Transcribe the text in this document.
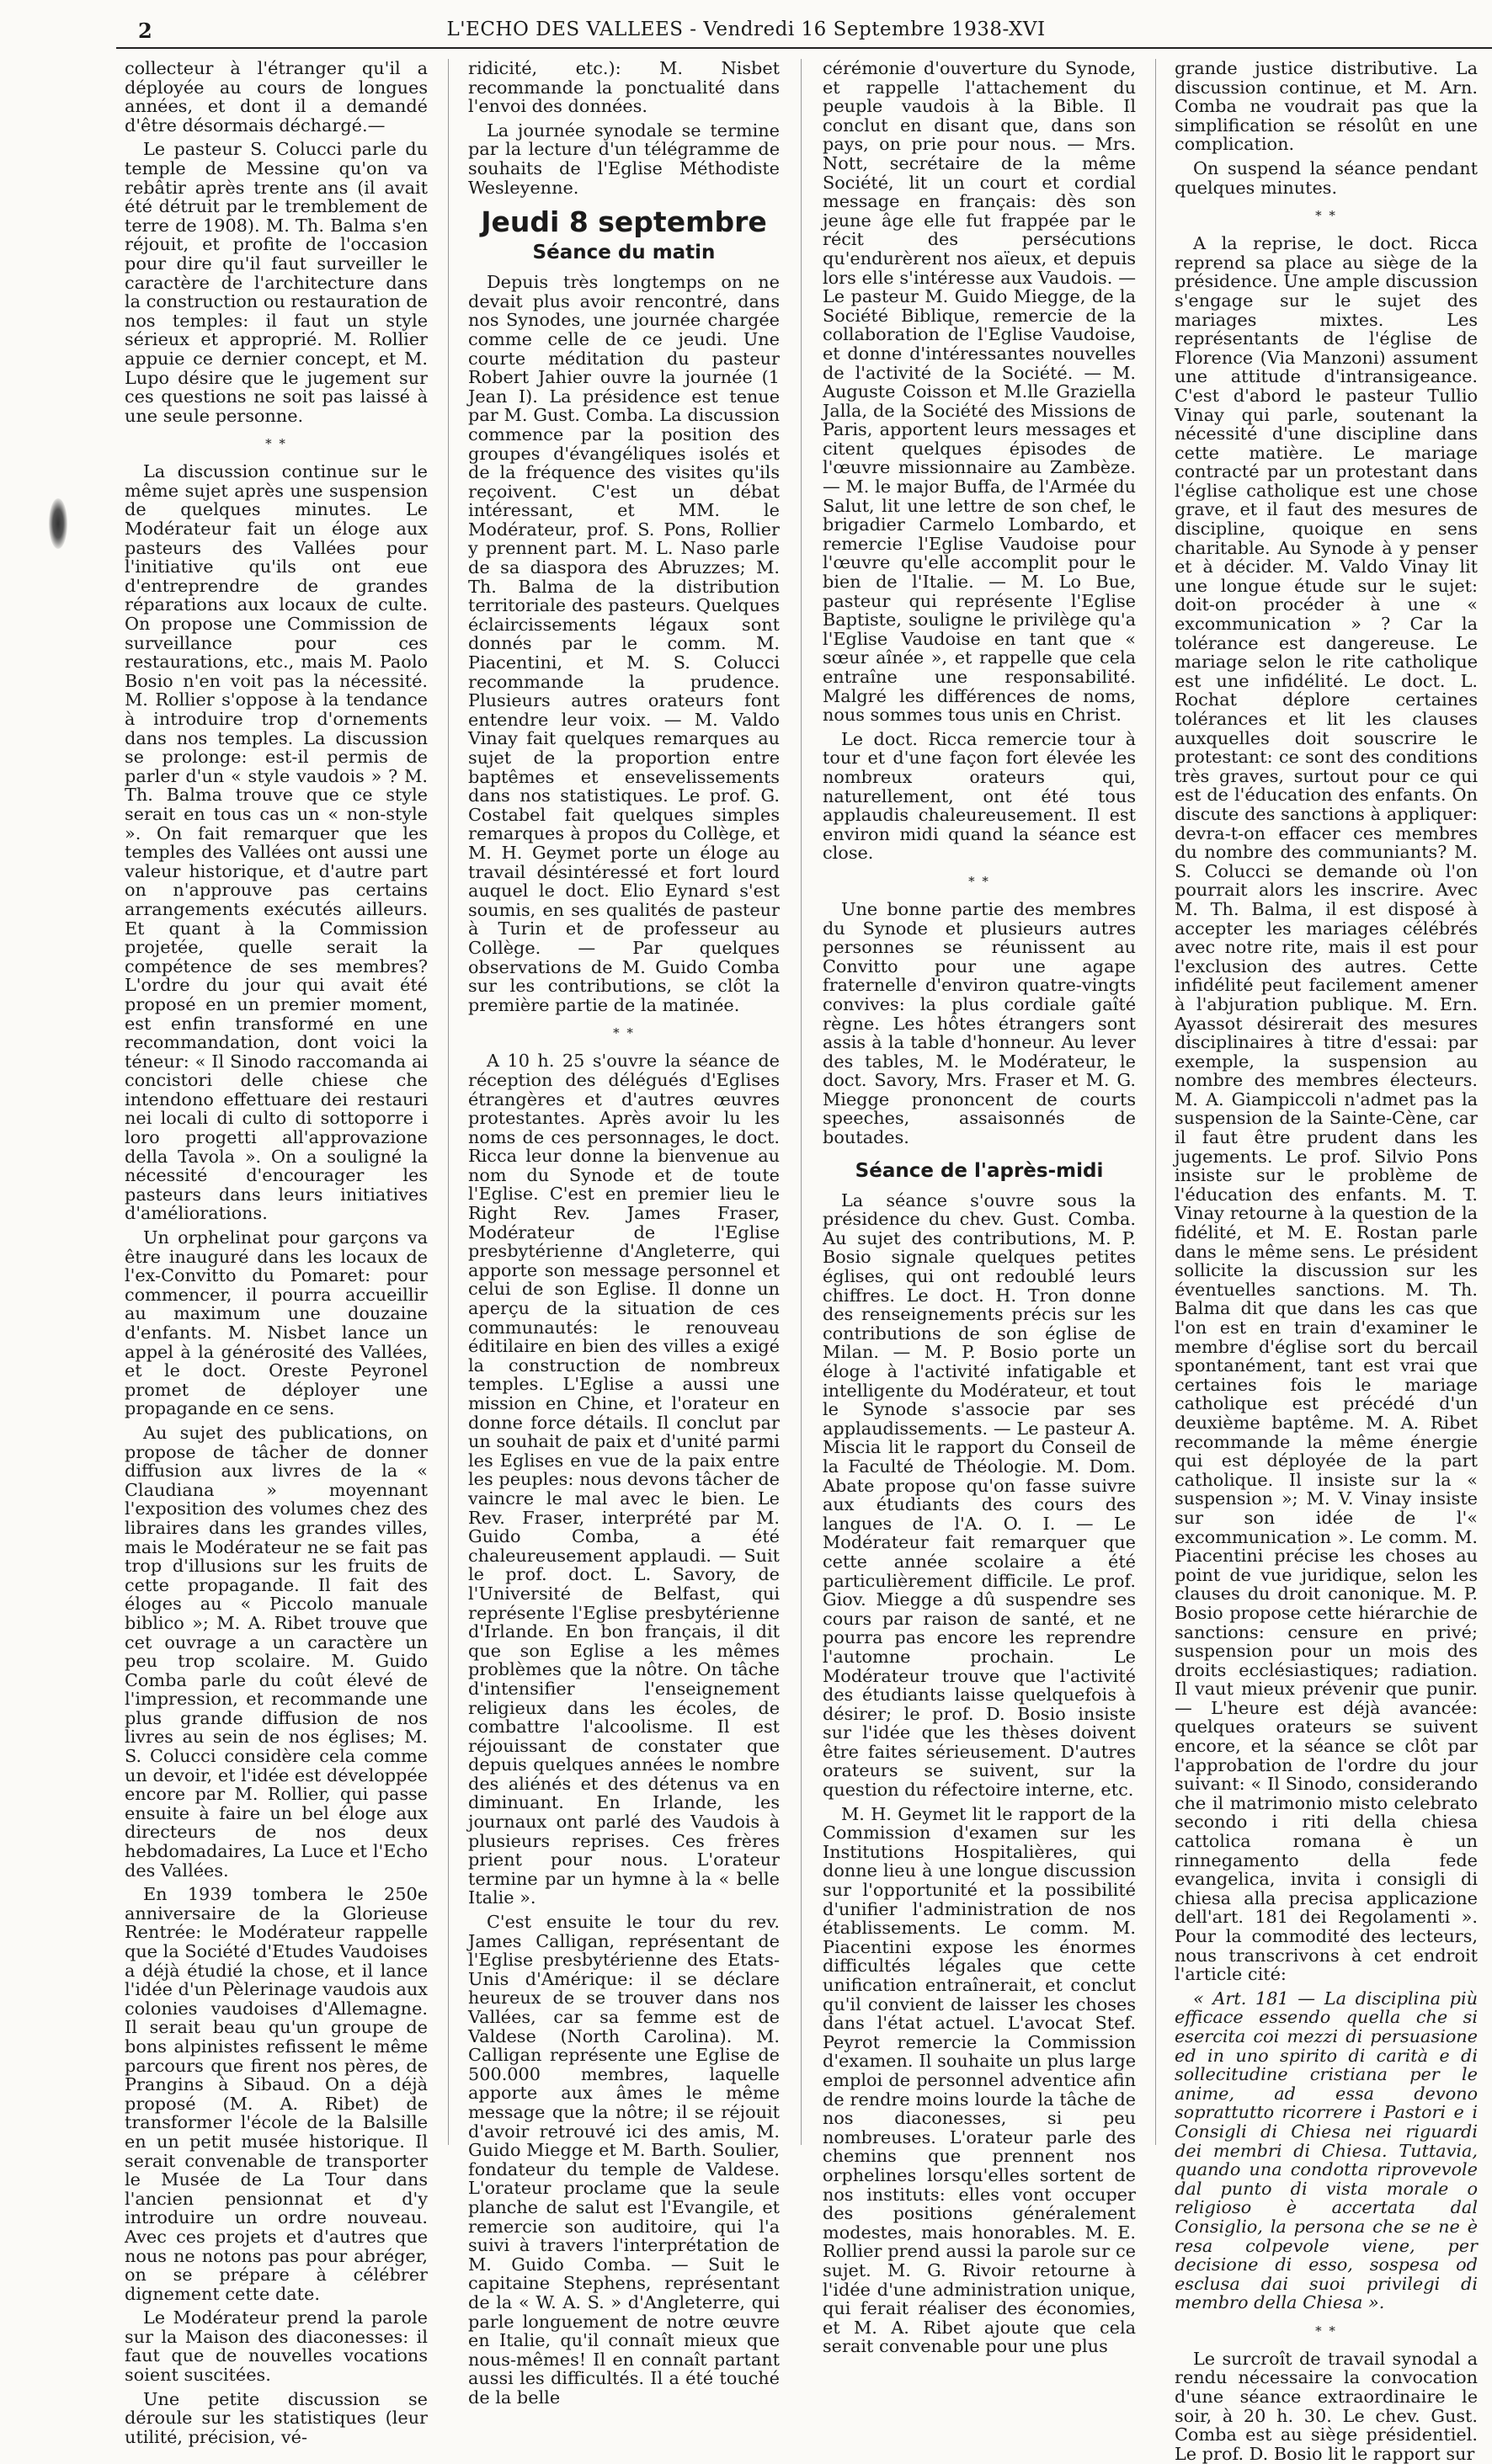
2	L'ECHO DES VALLEES - Vendredi 16 Septembre 1938-XVI

collecteur à l'étranger qu'il a déployée au cours de longues années, et dont il a demandé d'être désormais déchargé.—

Le pasteur S. Colucci parle du temple de Messine qu'on va rebâtir après trente ans (il avait été détruit par le tremblement de terre de 1908). M. Th. Balma s'en réjouit, et profite de l'occasion pour dire qu'il faut surveiller le caractère de l'architecture dans la construction ou restauration de nos temples: il faut un style sérieux et approprié. M. Rollier appuie ce dernier concept, et M. Lupo désire que le jugement sur ces questions ne soit pas laissé à une seule personne.

* *

La discussion continue sur le même sujet après une suspension de quelques minutes. Le Modérateur fait un éloge aux pasteurs des Vallées pour l'initiative qu'ils ont eue d'entreprendre de grandes réparations aux locaux de culte. On propose une Commission de surveillance pour ces restaurations, etc., mais M. Paolo Bosio n'en voit pas la nécessité. M. Rollier s'oppose à la tendance à introduire trop d'ornements dans nos temples. La discussion se prolonge: est-il permis de parler d'un « style vaudois » ? M. Th. Balma trouve que ce style serait en tous cas un « non-style ». On fait remarquer que les temples des Vallées ont aussi une valeur historique, et d'autre part on n'approuve pas certains arrangements exécutés ailleurs. Et quant à la Commission projetée, quelle serait la compétence de ses membres? L'ordre du jour qui avait été proposé en un premier moment, est enfin transformé en une recommandation, dont voici la téneur: « Il Sinodo raccomanda ai concistori delle chiese che intendono effettuare dei restauri nei locali di culto di sottoporre i loro progetti all'approvazione della Tavola ». On a souligné la nécessité d'encourager les pasteurs dans leurs initiatives d'améliorations.

Un orphelinat pour garçons va être inauguré dans les locaux de l'ex-Convitto du Pomaret: pour commencer, il pourra accueillir au maximum une douzaine d'enfants. M. Nisbet lance un appel à la générosité des Vallées, et le doct. Oreste Peyronel promet de déployer une propagande en ce sens.

Au sujet des publications, on propose de tâcher de donner diffusion aux livres de la « Claudiana » moyennant l'exposition des volumes chez des libraires dans les grandes villes, mais le Modérateur ne se fait pas trop d'illusions sur les fruits de cette propagande. Il fait des éloges au « Piccolo manuale biblico »; M. A. Ribet trouve que cet ouvrage a un caractère un peu trop scolaire. M. Guido Comba parle du coût élevé de l'impression, et recommande une plus grande diffusion de nos livres au sein de nos églises; M. S. Colucci considère cela comme un devoir, et l'idée est développée encore par M. Rollier, qui passe ensuite à faire un bel éloge aux directeurs de nos deux hebdomadaires, La Luce et l'Echo des Vallées.

En 1939 tombera le 250e anniversaire de la Glorieuse Rentrée: le Modérateur rappelle que la Société d'Etudes Vaudoises a déjà étudié la chose, et il lance l'idée d'un Pèlerinage vaudois aux colonies vaudoises d'Allemagne. Il serait beau qu'un groupe de bons alpinistes refissent le même parcours que firent nos pères, de Prangins à Sibaud. On a déjà proposé (M. A. Ribet) de transformer l'école de la Balsille en un petit musée historique. Il serait convenable de transporter le Musée de La Tour dans l'ancien pensionnat et d'y introduire un ordre nouveau. Avec ces projets et d'autres que nous ne notons pas pour abréger, on se prépare à célébrer dignement cette date.

Le Modérateur prend la parole sur la Maison des diaconesses: il faut que de nouvelles vocations soient suscitées.

Une petite discussion se déroule sur les statistiques (leur utilité, précision, vé-

ridicité, etc.): M. Nisbet recommande la ponctualité dans l'envoi des données.

La journée synodale se termine par la lecture d'un télégramme de souhaits de l'Eglise Méthodiste Wesleyenne.

Jeudi 8 septembre
Séance du matin

Depuis très longtemps on ne devait plus avoir rencontré, dans nos Synodes, une journée chargée comme celle de ce jeudi. Une courte méditation du pasteur Robert Jahier ouvre la journée (1 Jean I). La présidence est tenue par M. Gust. Comba. La discussion commence par la position des groupes d'évangéliques isolés et de la fréquence des visites qu'ils reçoivent. C'est un débat intéressant, et MM. le Modérateur, prof. S. Pons, Rollier y prennent part. M. L. Naso parle de sa diaspora des Abruzzes; M. Th. Balma de la distribution territoriale des pasteurs. Quelques éclaircissements légaux sont donnés par le comm. M. Piacentini, et M. S. Colucci recommande la prudence. Plusieurs autres orateurs font entendre leur voix. — M. Valdo Vinay fait quelques remarques au sujet de la proportion entre baptêmes et ensevelissements dans nos statistiques. Le prof. G. Costabel fait quelques simples remarques à propos du Collège, et M. H. Geymet porte un éloge au travail désintéressé et fort lourd auquel le doct. Elio Eynard s'est soumis, en ses qualités de pasteur à Turin et de professeur au Collège. — Par quelques observations de M. Guido Comba sur les contributions, se clôt la première partie de la matinée.

* *

A 10 h. 25 s'ouvre la séance de réception des délégués d'Eglises étrangères et d'autres œuvres protestantes. Après avoir lu les noms de ces personnages, le doct. Ricca leur donne la bienvenue au nom du Synode et de toute l'Eglise. C'est en premier lieu le Right Rev. James Fraser, Modérateur de l'Eglise presbytérienne d'Angleterre, qui apporte son message personnel et celui de son Eglise. Il donne un aperçu de la situation de ces communautés: le renouveau éditilaire en bien des villes a exigé la construction de nombreux temples. L'Eglise a aussi une mission en Chine, et l'orateur en donne force détails. Il conclut par un souhait de paix et d'unité parmi les Eglises en vue de la paix entre les peuples: nous devons tâcher de vaincre le mal avec le bien. Le Rev. Fraser, interprété par M. Guido Comba, a été chaleureusement applaudi. — Suit le prof. doct. L. Savory, de l'Université de Belfast, qui représente l'Eglise presbytérienne d'Irlande. En bon français, il dit que son Eglise a les mêmes problèmes que la nôtre. On tâche d'intensifier l'enseignement religieux dans les écoles, de combattre l'alcoolisme. Il est réjouissant de constater que depuis quelques années le nombre des aliénés et des détenus va en diminuant. En Irlande, les journaux ont parlé des Vaudois à plusieurs reprises. Ces frères prient pour nous. L'orateur termine par un hymne à la « belle Italie ».

C'est ensuite le tour du rev. James Calligan, représentant de l'Eglise presbytérienne des Etats-Unis d'Amérique: il se déclare heureux de se trouver dans nos Vallées, car sa femme est de Valdese (North Carolina). M. Calligan représente une Eglise de 500.000 membres, laquelle apporte aux âmes le même message que la nôtre; il se réjouit d'avoir retrouvé ici des amis, M. Guido Miegge et M. Barth. Soulier, fondateur du temple de Valdese. L'orateur proclame que la seule planche de salut est l'Evangile, et remercie son auditoire, qui l'a suivi à travers l'interprétation de M. Guido Comba. — Suit le capitaine Stephens, représentant de la « W. A. S. » d'Angleterre, qui parle longuement de notre œuvre en Italie, qu'il connaît mieux que nous-mêmes! Il en connaît partant aussi les difficultés. Il a été touché de la belle

cérémonie d'ouverture du Synode, et rappelle l'attachement du peuple vaudois à la Bible. Il conclut en disant que, dans son pays, on prie pour nous. — Mrs. Nott, secrétaire de la même Société, lit un court et cordial message en français: dès son jeune âge elle fut frappée par le récit des persécutions qu'endurèrent nos aïeux, et depuis lors elle s'intéresse aux Vaudois. — Le pasteur M. Guido Miegge, de la Société Biblique, remercie de la collaboration de l'Eglise Vaudoise, et donne d'intéressantes nouvelles de l'activité de la Société. — M. Auguste Coisson et M.lle Graziella Jalla, de la Société des Missions de Paris, apportent leurs messages et citent quelques épisodes de l'œuvre missionnaire au Zambèze. — M. le major Buffa, de l'Armée du Salut, lit une lettre de son chef, le brigadier Carmelo Lombardo, et remercie l'Eglise Vaudoise pour l'œuvre qu'elle accomplit pour le bien de l'Italie. — M. Lo Bue, pasteur qui représente l'Eglise Baptiste, souligne le privilège qu'a l'Eglise Vaudoise en tant que « sœur aînée », et rappelle que cela entraîne une responsabilité. Malgré les différences de noms, nous sommes tous unis en Christ.

Le doct. Ricca remercie tour à tour et d'une façon fort élevée les nombreux orateurs qui, naturellement, ont été tous applaudis chaleureusement. Il est environ midi quand la séance est close.

* *

Une bonne partie des membres du Synode et plusieurs autres personnes se réunissent au Convitto pour une agape fraternelle d'environ quatre-vingts convives: la plus cordiale gaîté règne. Les hôtes étrangers sont assis à la table d'honneur. Au lever des tables, M. le Modérateur, le doct. Savory, Mrs. Fraser et M. G. Miegge prononcent de courts speeches, assaisonnés de boutades.

Séance de l'après-midi

La séance s'ouvre sous la présidence du chev. Gust. Comba. Au sujet des contributions, M. P. Bosio signale quelques petites églises, qui ont redoublé leurs chiffres. Le doct. H. Tron donne des renseignements précis sur les contributions de son église de Milan. — M. P. Bosio porte un éloge à l'activité infatigable et intelligente du Modérateur, et tout le Synode s'associe par ses applaudissements. — Le pasteur A. Miscia lit le rapport du Conseil de la Faculté de Théologie. M. Dom. Abate propose qu'on fasse suivre aux étudiants des cours des langues de l'A. O. I. — Le Modérateur fait remarquer que cette année scolaire a été particulièrement difficile. Le prof. Giov. Miegge a dû suspendre ses cours par raison de santé, et ne pourra pas encore les reprendre l'automne prochain. Le Modérateur trouve que l'activité des étudiants laisse quelquefois à désirer; le prof. D. Bosio insiste sur l'idée que les thèses doivent être faites sérieusement. D'autres orateurs se suivent, sur la question du réfectoire interne, etc.

M. H. Geymet lit le rapport de la Commission d'examen sur les Institutions Hospitalières, qui donne lieu à une longue discussion sur l'opportunité et la possibilité d'unifier l'administration de nos établissements. Le comm. M. Piacentini expose les énormes difficultés légales que cette unification entraînerait, et conclut qu'il convient de laisser les choses dans l'état actuel. L'avocat Stef. Peyrot remercie la Commission d'examen. Il souhaite un plus large emploi de personnel adventice afin de rendre moins lourde la tâche de nos diaconesses, si peu nombreuses. L'orateur parle des chemins que prennent nos orphelines lorsqu'elles sortent de nos instituts: elles vont occuper des positions généralement modestes, mais honorables. M. E. Rollier prend aussi la parole sur ce sujet. M. G. Rivoir retourne à l'idée d'une administration unique, qui ferait réaliser des économies, et M. A. Ribet ajoute que cela serait convenable pour une plus

grande justice distributive. La discussion continue, et M. Arn. Comba ne voudrait pas que la simplification se résolût en une complication.

On suspend la séance pendant quelques minutes.

* *

A la reprise, le doct. Ricca reprend sa place au siège de la présidence. Une ample discussion s'engage sur le sujet des mariages mixtes. Les représentants de l'église de Florence (Via Manzoni) assument une attitude d'intransigeance. C'est d'abord le pasteur Tullio Vinay qui parle, soutenant la nécessité d'une discipline dans cette matière. Le mariage contracté par un protestant dans l'église catholique est une chose grave, et il faut des mesures de discipline, quoique en sens charitable. Au Synode à y penser et à décider. M. Valdo Vinay lit une longue étude sur le sujet: doit-on procéder à une « excommunication » ? Car la tolérance est dangereuse. Le mariage selon le rite catholique est une infidélité. Le doct. L. Rochat déplore certaines tolérances et lit les clauses auxquelles doit souscrire le protestant: ce sont des conditions très graves, surtout pour ce qui est de l'éducation des enfants. On discute des sanctions à appliquer: devra-t-on effacer ces membres du nombre des communiants? M. S. Colucci se demande où l'on pourrait alors les inscrire. Avec M. Th. Balma, il est disposé à accepter les mariages célébrés avec notre rite, mais il est pour l'exclusion des autres. Cette infidélité peut facilement amener à l'abjuration publique. M. Ern. Ayassot désirerait des mesures disciplinaires à titre d'essai: par exemple, la suspension au nombre des membres électeurs. M. A. Giampiccoli n'admet pas la suspension de la Sainte-Cène, car il faut être prudent dans les jugements. Le prof. Silvio Pons insiste sur le problème de l'éducation des enfants. M. T. Vinay retourne à la question de la fidélité, et M. E. Rostan parle dans le même sens. Le président sollicite la discussion sur les éventuelles sanctions. M. Th. Balma dit que dans les cas que l'on est en train d'examiner le membre d'église sort du bercail spontanément, tant est vrai que certaines fois le mariage catholique est précédé d'un deuxième baptême. M. A. Ribet recommande la même énergie qui est déployée de la part catholique. Il insiste sur la « suspension »; M. V. Vinay insiste sur son idée de l'« excommunication ». Le comm. M. Piacentini précise les choses au point de vue juridique, selon les clauses du droit canonique. M. P. Bosio propose cette hiérarchie de sanctions: censure en privé; suspension pour un mois des droits ecclésiastiques; radiation. Il vaut mieux prévenir que punir. — L'heure est déjà avancée: quelques orateurs se suivent encore, et la séance se clôt par l'approbation de l'ordre du jour suivant: « Il Sinodo, considerando che il matrimonio misto celebrato secondo i riti della chiesa cattolica romana è un rinnegamento della fede evangelica, invita i consigli di chiesa alla precisa applicazione dell'art. 181 dei Regolamenti ». Pour la commodité des lecteurs, nous transcrivons à cet endroit l'article cité:

« Art. 181 — La disciplina più efficace essendo quella che si esercita coi mezzi di persuasione ed in uno spirito di carità e di sollecitudine cristiana per le anime, ad essa devono soprattutto ricorrere i Pastori e i Consigli di Chiesa nei riguardi dei membri di Chiesa. Tuttavia, quando una condotta riprovevole dal punto di vista morale o religioso è accertata dal Consiglio, la persona che se ne è resa colpevole viene, per decisione di esso, sospesa od esclusa dai suoi privilegi di membro della Chiesa ».

* *

Le surcroît de travail synodal a rendu nécessaire la convocation d'une séance extraordinaire le soir, à 20 h. 30. Le chev. Gust. Comba est au siège présidentiel. Le prof. D. Bosio lit le rapport sur
